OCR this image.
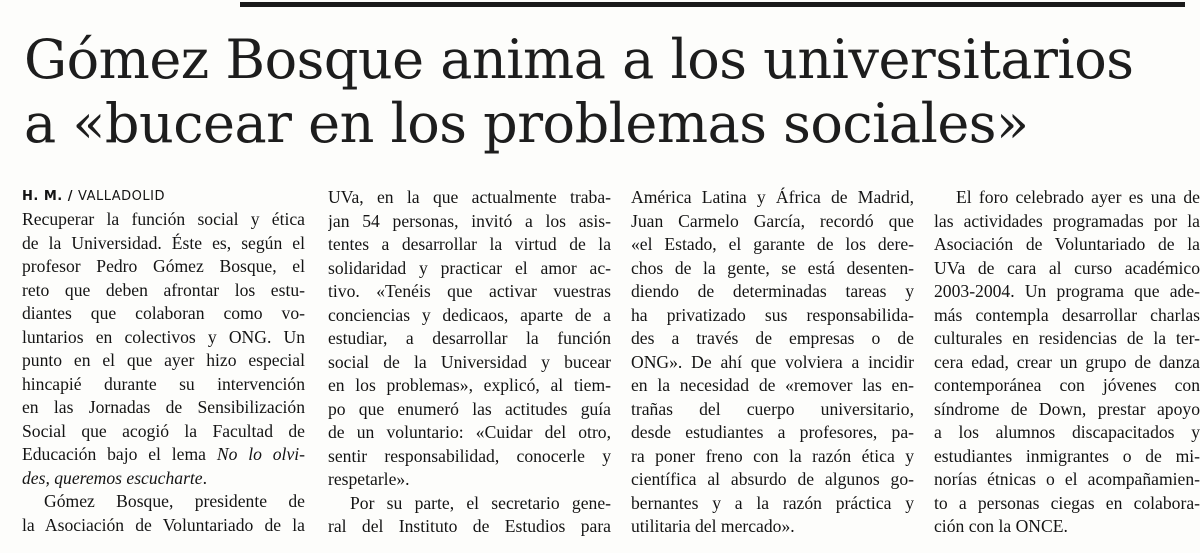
Gómez Bosque anima a los universitarios
a «bucear en los problemas sociales»
H. M. / VALLADOLID
Recuperar la función social y ética
de la Universidad. Éste es, según el
profesor Pedro Gómez Bosque, el
reto que deben afrontar los estu-
diantes que colaboran como vo-
luntarios en colectivos y ONG. Un
punto en el que ayer hizo especial
hincapié durante su intervención
en las Jornadas de Sensibilización
Social que acogió la Facultad de
Educación bajo el lema No lo olvi-
des, queremos escucharte.
Gómez Bosque, presidente de
la Asociación de Voluntariado de la
UVa, en la que actualmente traba-
jan 54 personas, invitó a los asis-
tentes a desarrollar la virtud de la
solidaridad y practicar el amor ac-
tivo. «Tenéis que activar vuestras
conciencias y dedicaos, aparte de a
estudiar, a desarrollar la función
social de la Universidad y bucear
en los problemas», explicó, al tiem-
po que enumeró las actitudes guía
de un voluntario: «Cuidar del otro,
sentir responsabilidad, conocerle y
respetarle».
Por su parte, el secretario gene-
ral del Instituto de Estudios para
América Latina y África de Madrid,
Juan Carmelo García, recordó que
«el Estado, el garante de los dere-
chos de la gente, se está desenten-
diendo de determinadas tareas y
ha privatizado sus responsabilida-
des a través de empresas o de
ONG». De ahí que volviera a incidir
en la necesidad de «remover las en-
trañas del cuerpo universitario,
desde estudiantes a profesores, pa-
ra poner freno con la razón ética y
científica al absurdo de algunos go-
bernantes y a la razón práctica y
utilitaria del mercado».
El foro celebrado ayer es una de
las actividades programadas por la
Asociación de Voluntariado de la
UVa de cara al curso académico
2003-2004. Un programa que ade-
más contempla desarrollar charlas
culturales en residencias de la ter-
cera edad, crear un grupo de danza
contemporánea con jóvenes con
síndrome de Down, prestar apoyo
a los alumnos discapacitados y
estudiantes inmigrantes o de mi-
norías étnicas o el acompañamien-
to a personas ciegas en colabora-
ción con la ONCE.
